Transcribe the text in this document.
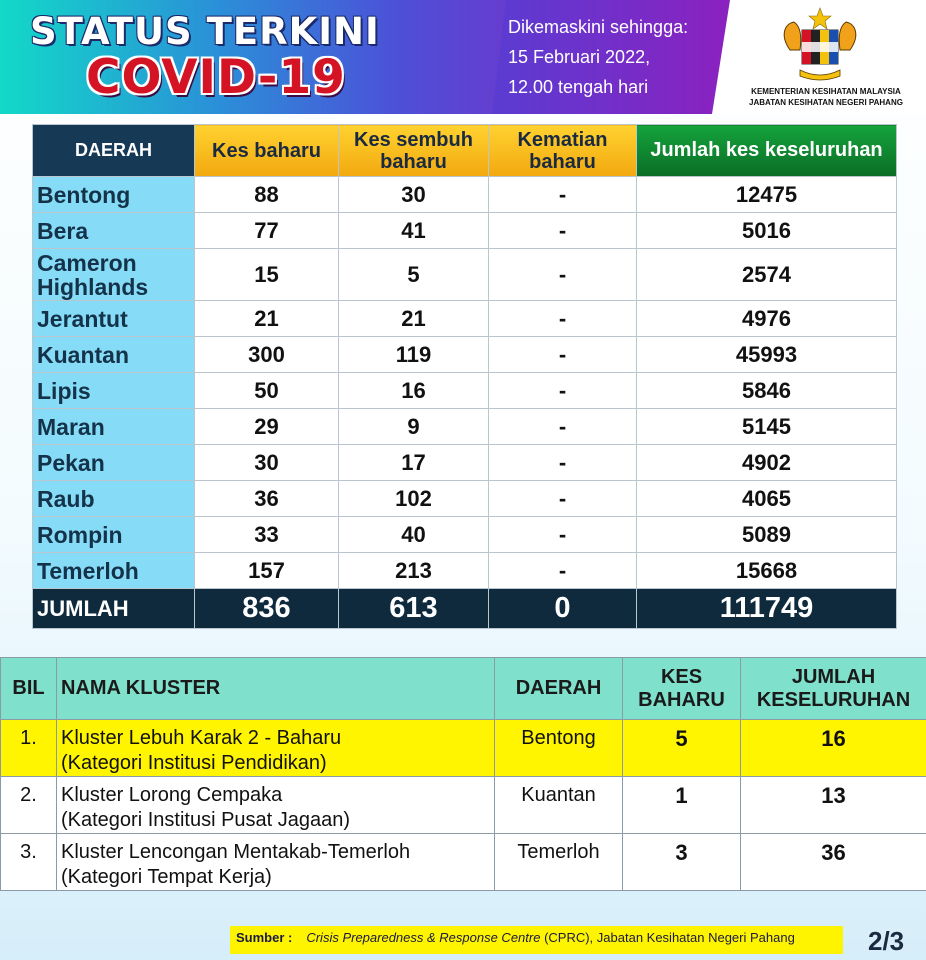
STATUS TERKINI
COVID-19
Dikemaskini sehingga:
15 Februari 2022,
12.00 tengah hari	KEMENTERIAN KESIHATAN MALAYSIA
JABATAN KESIHATAN NEGERI PAHANG
DAERAH	Kes baharu	Kes sembuh baharu	Kematian baharu	Jumlah kes keseluruhan
Bentong	88	30	-	12475
Bera	77	41	-	5016
Cameron Highlands	15	5	-	2574
Jerantut	21	21	-	4976
Kuantan	300	119	-	45993
Lipis	50	16	-	5846
Maran	29	9	-	5145
Pekan	30	17	-	4902
Raub	36	102	-	4065
Rompin	33	40	-	5089
Temerloh	157	213	-	15668
JUMLAH	836	613	0	111749
BIL	NAMA KLUSTER	DAERAH	KES BAHARU	JUMLAH KESELURUHAN
1.	Kluster Lebuh Karak 2 - Baharu
(Kategori Institusi Pendidikan)	Bentong	5	16
2.	Kluster Lorong Cempaka
(Kategori Institusi Pusat Jagaan)	Kuantan	1	13
3.	Kluster Lencongan Mentakab-Temerloh
(Kategori Tempat Kerja)	Temerloh	3	36
Sumber : Crisis Preparedness & Response Centre (CPRC), Jabatan Kesihatan Negeri Pahang	2/3
